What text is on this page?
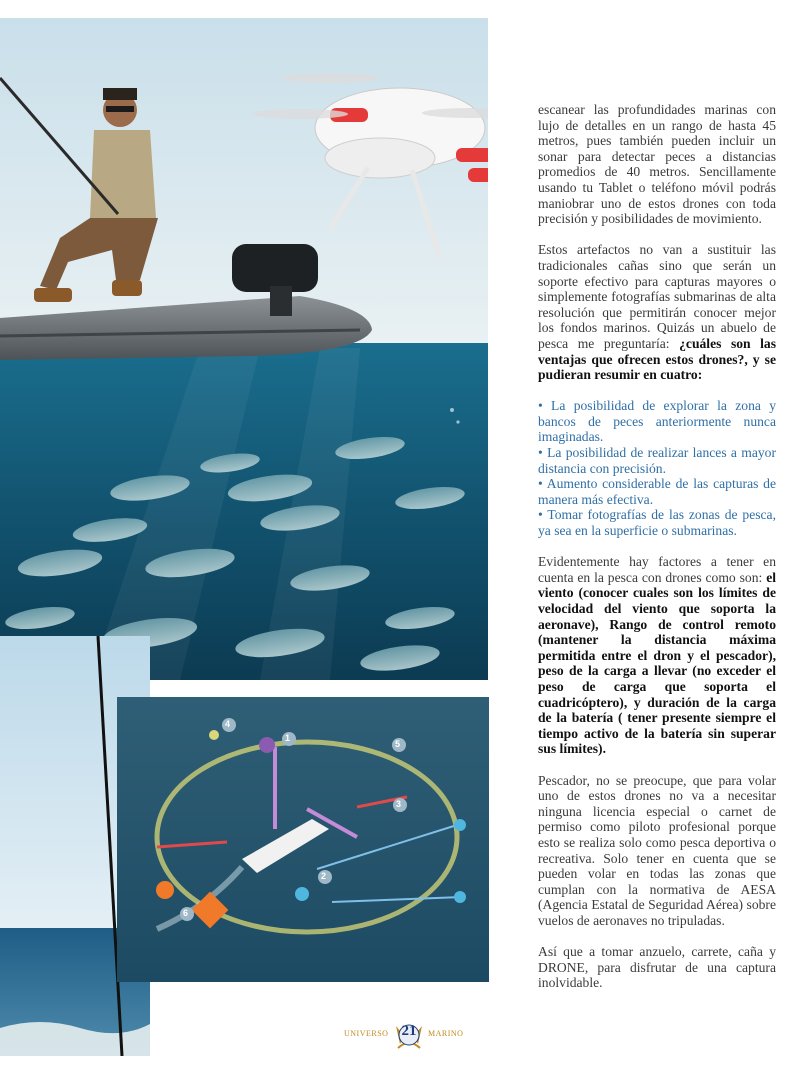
1
2
3
4
5
6

escanear las profundidades marinas con lujo de detalles en un rango de hasta 45 metros, pues también pueden incluir un sonar para detectar peces a distancias promedios de 40 metros. Sencillamente usando tu Tablet o teléfono móvil podrás maniobrar uno de estos drones con toda precisión y posibilidades de movimiento.

Estos artefactos no van a sustituir las tradicionales cañas sino que serán un soporte efectivo para capturas mayores o simplemente fotografías submarinas de alta resolución que permitirán conocer mejor los fondos marinos. Quizás un abuelo de pesca me preguntaría: ¿cuáles son las ventajas que ofrecen estos drones?, y se pudieran resumir en cuatro:

• La posibilidad de explorar la zona y bancos de peces anteriormente nunca imaginadas.
• La posibilidad de realizar lances a mayor distancia con precisión.
• Aumento considerable de las capturas de manera más efectiva.
• Tomar fotografías de las zonas de pesca, ya sea en la superficie o submarinas.

Evidentemente hay factores a tener en cuenta en la pesca con drones como son: el viento (conocer cuales son los límites de velocidad del viento que soporta la aeronave), Rango de control remoto (mantener la distancia máxima permitida entre el dron y el pescador), peso de la carga a llevar (no exceder el peso de carga que soporta el cuadricóptero), y duración de la carga de la batería ( tener presente siempre el tiempo activo de la batería sin superar sus límites).

Pescador, no se preocupe, que para volar uno de estos drones no va a necesitar ninguna licencia especial o carnet de permiso como piloto profesional porque esto se realiza solo como pesca deportiva o recreativa. Solo tener en cuenta que se pueden volar en todas las zonas que cumplan con la normativa de AESA (Agencia Estatal de Seguridad Aérea) sobre vuelos de aeronaves no tripuladas.

Así que a tomar anzuelo, carrete, caña y DRONE, para disfrutar de una captura inolvidable.

UNIVERSO 21	MARINO
